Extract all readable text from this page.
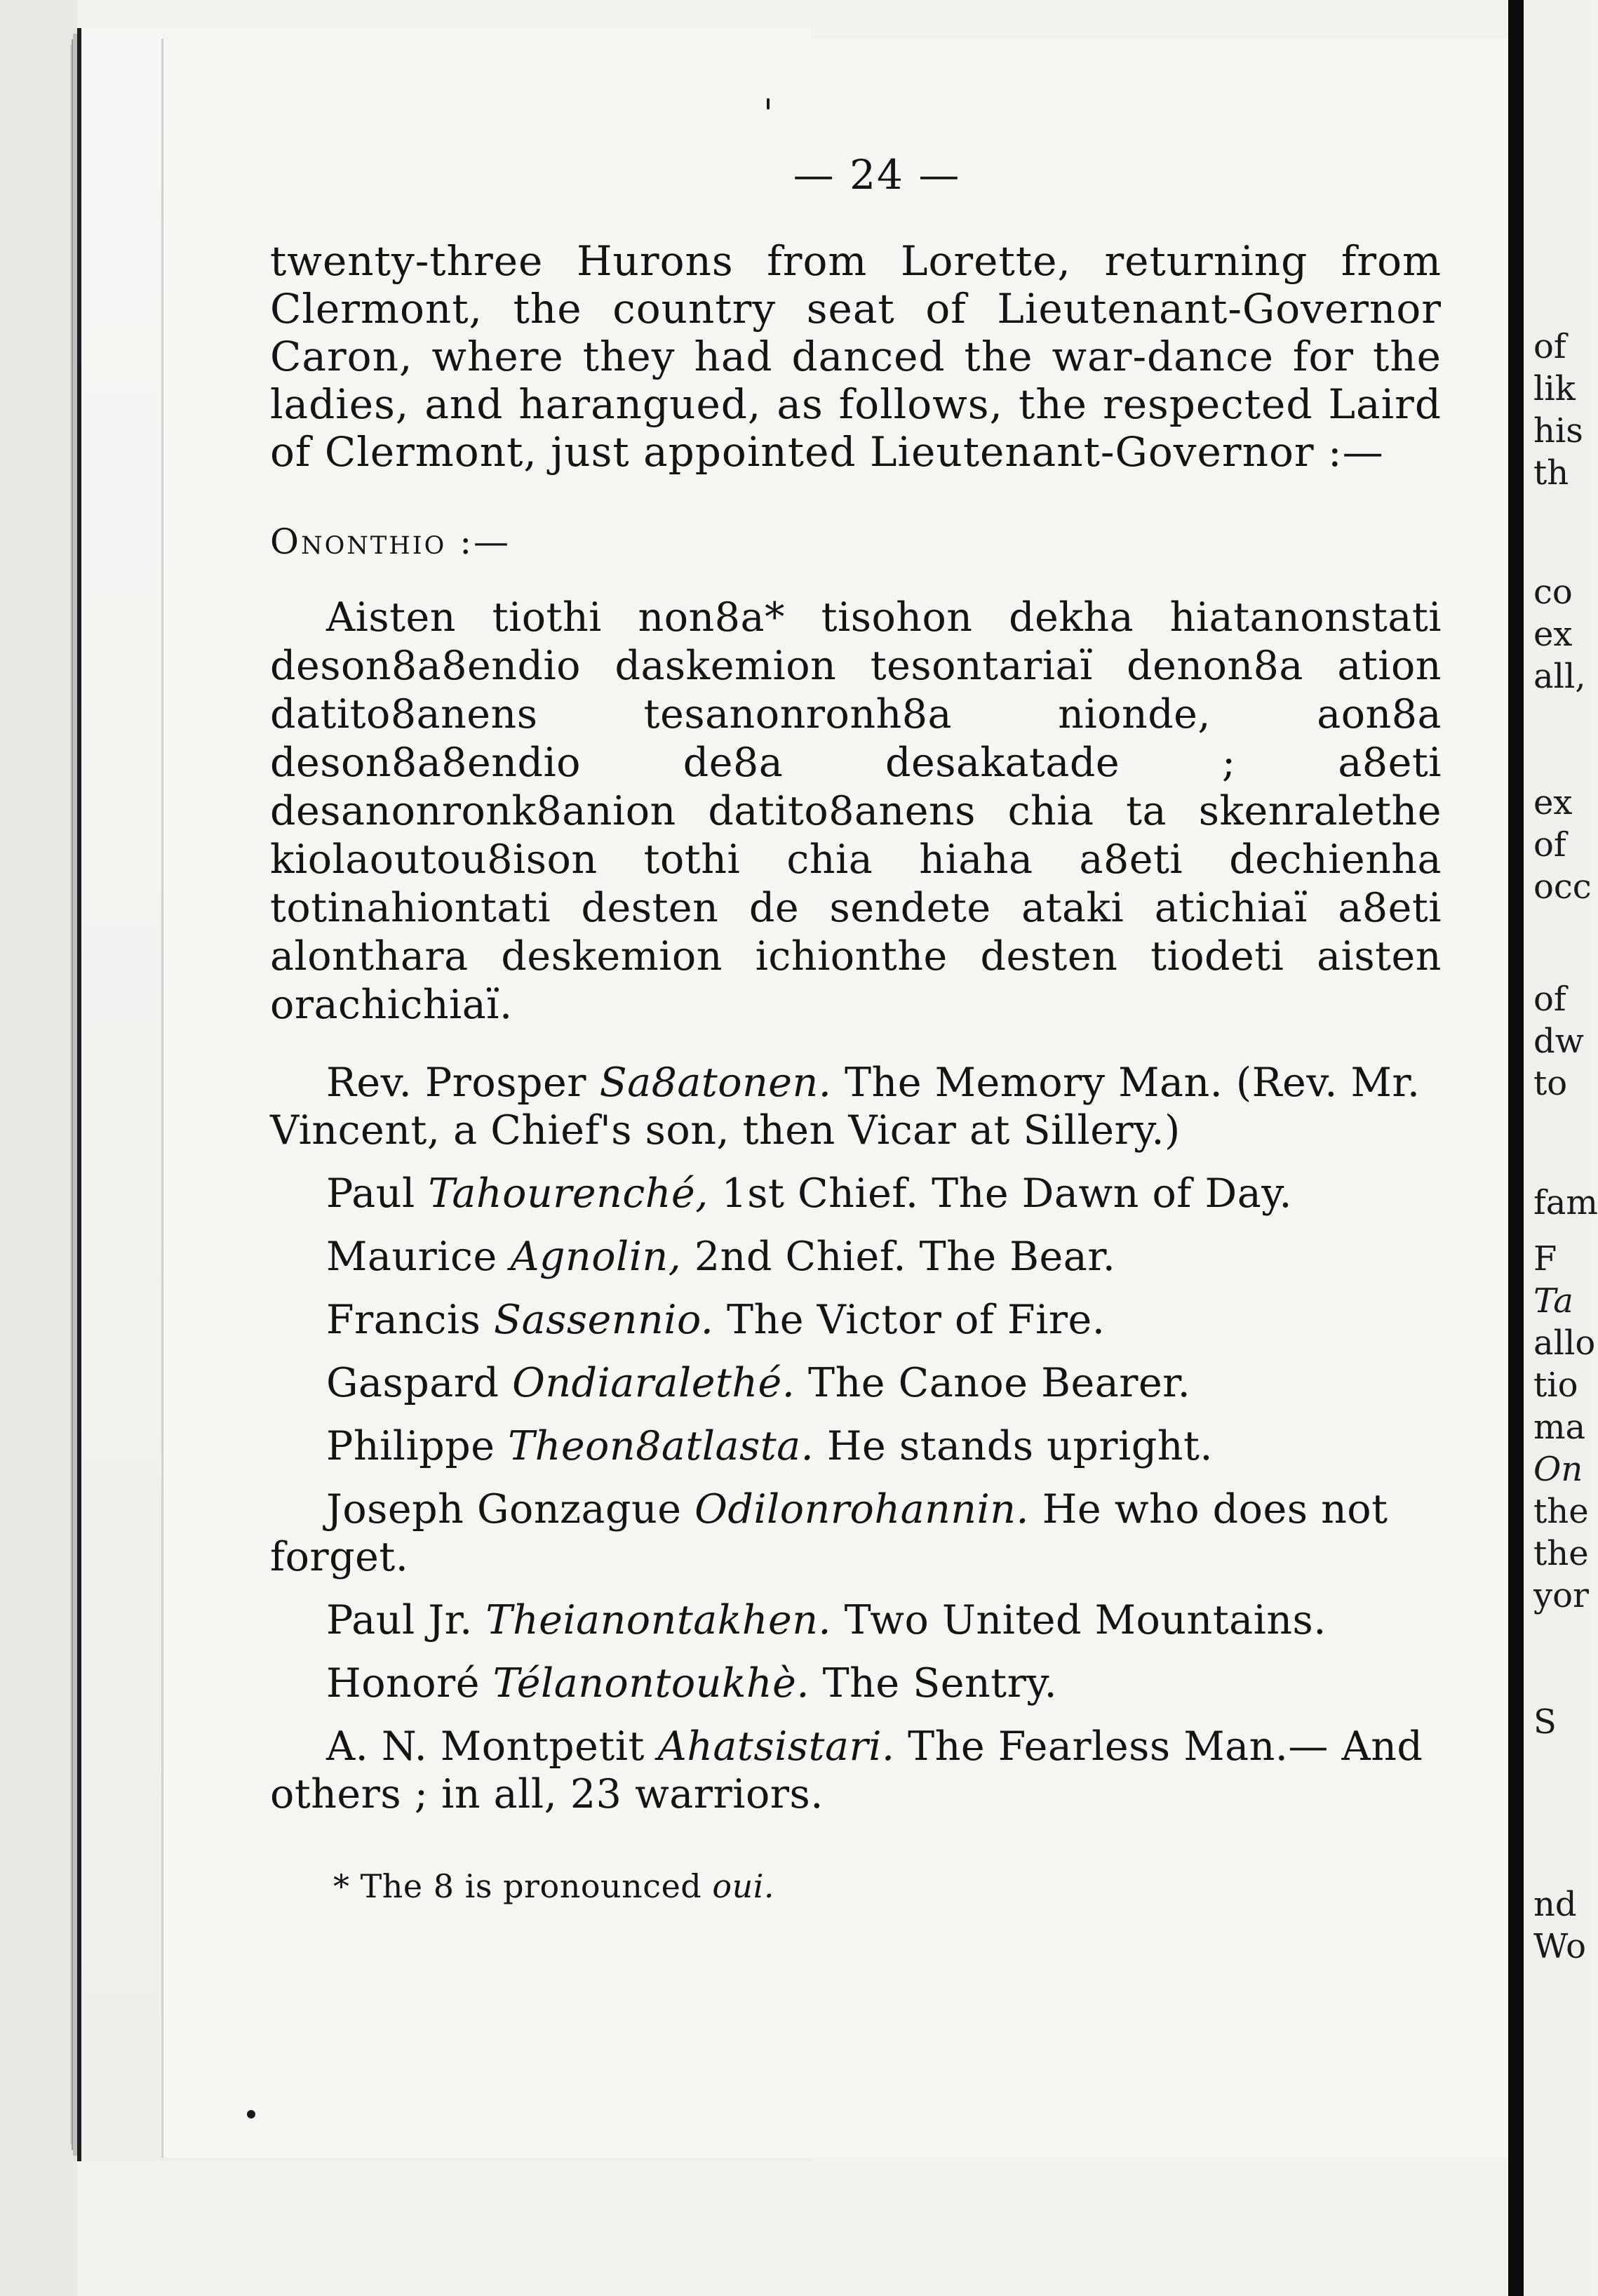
of
lik
his
th
co
ex
all,
ex
of
occ
of
dw
to
fam
F
Ta
allo
tio
ma
On
the
the
yor
S
nd
Wo
— 24 —

twenty-three Hurons from Lorette, returning from Clermont, the country seat of Lieutenant-Governor Caron, where they had danced the war-dance for the ladies, and harangued, as follows, the respected Laird of Clermont, just appointed Lieutenant-Governor :—

Ononthio :—

Aisten tiothi non8a* tisohon dekha hiatanonstati deson8a8endio daskemion tesontariaï denon8a ation datito8anens tesanonronh8a nionde, aon8a deson8a8endio de8a desakatade ; a8eti desanonronk8anion datito8anens chia ta skenralethe kiolaoutou8ison tothi chia hiaha a8eti dechienha totinahiontati desten de sendete ataki atichiaï a8eti alonthara deskemion ichionthe desten tiodeti aisten orachichiaï.

Rev. Prosper Sa8atonen. The Memory Man. (Rev. Mr. Vincent, a Chief's son, then Vicar at Sillery.)

Paul Tahourenché, 1st Chief. The Dawn of Day.

Maurice Agnolin, 2nd Chief. The Bear.

Francis Sassennio. The Victor of Fire.

Gaspard Ondiaralethé. The Canoe Bearer.

Philippe Theon8atlasta. He stands upright.

Joseph Gonzague Odilonrohannin. He who does not forget.

Paul Jr. Theianontakhen. Two United Mountains.

Honoré Télanontoukhè. The Sentry.

A. N. Montpetit Ahatsistari. The Fearless Man.— And others ; in all, 23 warriors.

* The 8 is pronounced oui.
